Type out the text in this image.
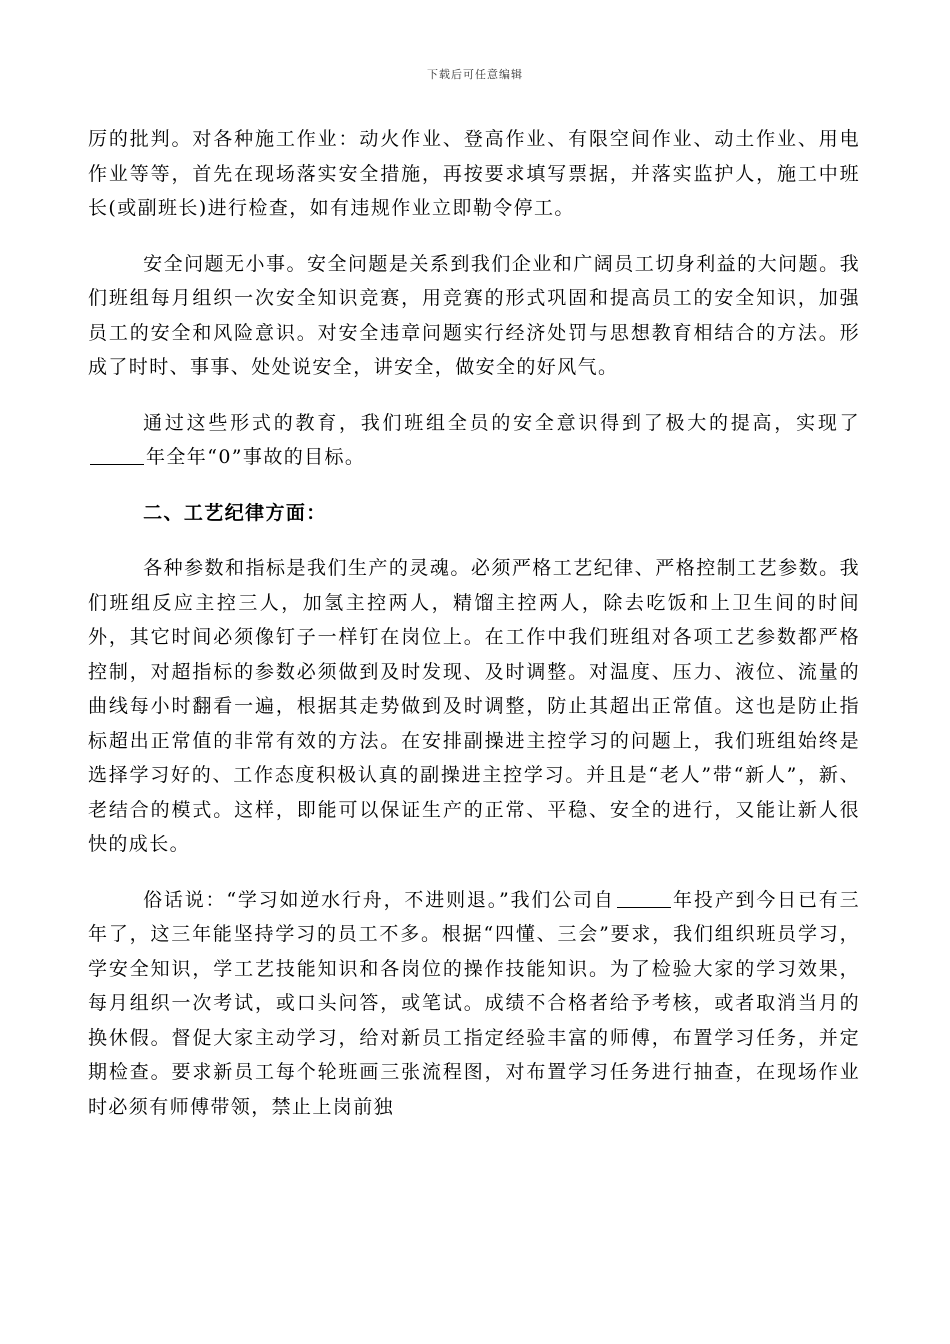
下载后可任意编辑

厉的批判。对各种施工作业：动火作业、登高作业、有限空间作业、动土作业、用电作业等等，首先在现场落实安全措施，再按要求填写票据，并落实监护人，施工中班长(或副班长)进行检查，如有违规作业立即勒令停工。

安全问题无小事。安全问题是关系到我们企业和广阔员工切身利益的大问题。我们班组每月组织一次安全知识竞赛，用竞赛的形式巩固和提高员工的安全知识，加强员工的安全和风险意识。对安全违章问题实行经济处罚与思想教育相结合的方法。形成了时时、事事、处处说安全，讲安全，做安全的好风气。

通过这些形式的教育，我们班组全员的安全意识得到了极大的提高，实现了年全年“0”事故的目标。

二、工艺纪律方面：

各种参数和指标是我们生产的灵魂。必须严格工艺纪律、严格控制工艺参数。我们班组反应主控三人，加氢主控两人，精馏主控两人，除去吃饭和上卫生间的时间外，其它时间必须像钉子一样钉在岗位上。在工作中我们班组对各项工艺参数都严格控制，对超指标的参数必须做到及时发现、及时调整。对温度、压力、液位、流量的曲线每小时翻看一遍，根据其走势做到及时调整，防止其超出正常值。这也是防止指标超出正常值的非常有效的方法。在安排副操进主控学习的问题上，我们班组始终是选择学习好的、工作态度积极认真的副操进主控学习。并且是“老人”带“新人”，新、老结合的模式。这样，即能可以保证生产的正常、平稳、安全的进行，又能让新人很快的成长。

俗话说：“学习如逆水行舟，不进则退。”我们公司自	年投产到今日已有三年了，这三年能坚持学习的员工不多。根据“四懂、三会”要求，我们组织班员学习，学安全知识，学工艺技能知识和各岗位的操作技能知识。为了检验大家的学习效果，每月组织一次考试，或口头问答，或笔试。成绩不合格者给予考核，或者取消当月的换休假。督促大家主动学习，给对新员工指定经验丰富的师傅，布置学习任务，并定期检查。要求新员工每个轮班画三张流程图，对布置学习任务进行抽查，在现场作业时必须有师傅带领，禁止上岗前独
